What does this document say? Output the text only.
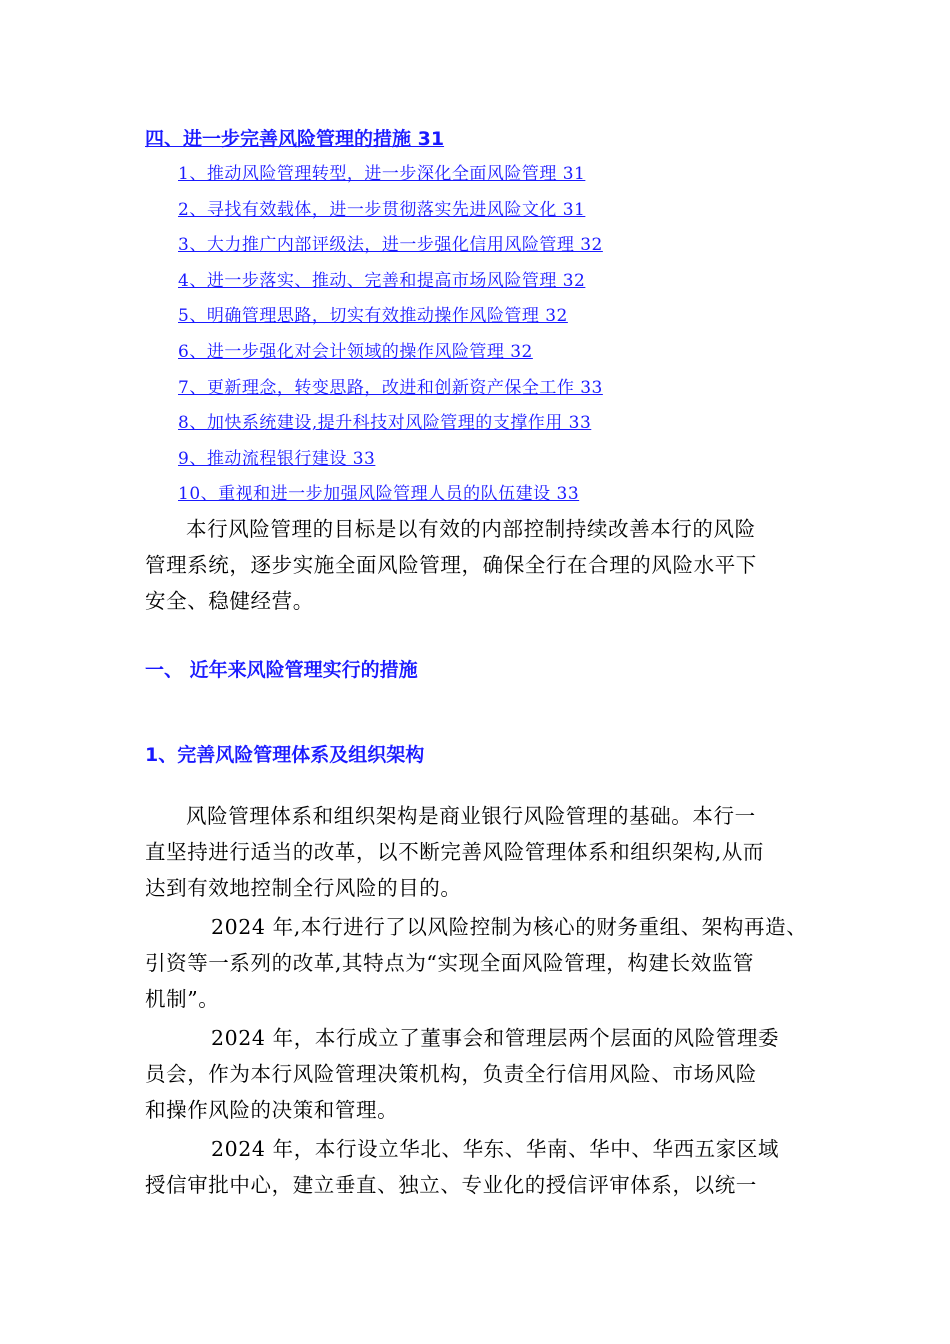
四、进一步完善风险管理的措施 31
1、推动风险管理转型，进一步深化全面风险管理 31
2、寻找有效载体，进一步贯彻落实先进风险文化 31
3、大力推广内部评级法，进一步强化信用风险管理 32
4、进一步落实、推动、完善和提高市场风险管理 32
5、明确管理思路，切实有效推动操作风险管理 32
6、进一步强化对会计领域的操作风险管理 32
7、更新理念，转变思路，改进和创新资产保全工作 33
8、加快系统建设,提升科技对风险管理的支撑作用 33
9、推动流程银行建设 33
10、重视和进一步加强风险管理人员的队伍建设 33

本行风险管理的目标是以有效的内部控制持续改善本行的风险
管理系统，逐步实施全面风险管理，确保全行在合理的风险水平下
安全、稳健经营。

一、 近年来风险管理实行的措施
1、完善风险管理体系及组织架构

风险管理体系和组织架构是商业银行风险管理的基础。本行一
直坚持进行适当的改革，以不断完善风险管理体系和组织架构,从而
达到有效地控制全行风险的目的。

2024 年,本行进行了以风险控制为核心的财务重组、架构再造、
引资等一系列的改革,其特点为“实现全面风险管理，构建长效监管
机制”。

2024 年，本行成立了董事会和管理层两个层面的风险管理委
员会，作为本行风险管理决策机构，负责全行信用风险、市场风险
和操作风险的决策和管理。

2024 年，本行设立华北、华东、华南、华中、华西五家区域
授信审批中心，建立垂直、独立、专业化的授信评审体系，以统一
